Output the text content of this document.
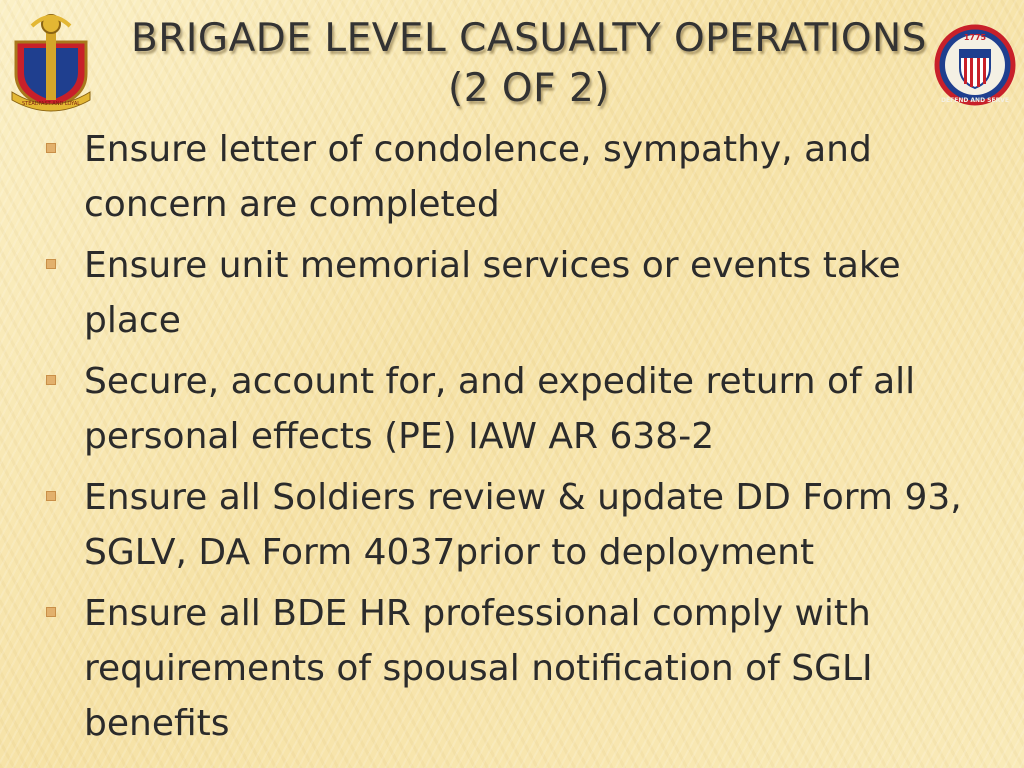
STEADFAST AND LOYAL
BRIGADE LEVEL CASUALTY OPERATIONS
(2 OF 2)
1775
DEFEND AND SERVE
Ensure letter of condolence, sympathy, and concern are completed
Ensure unit memorial services or events take place
Secure, account for, and expedite return of all personal effects (PE) IAW AR 638-2
Ensure all Soldiers review & update DD Form 93, SGLV, DA Form 4037prior to deployment
Ensure all BDE HR professional comply with requirements of spousal notification of SGLI benefits
